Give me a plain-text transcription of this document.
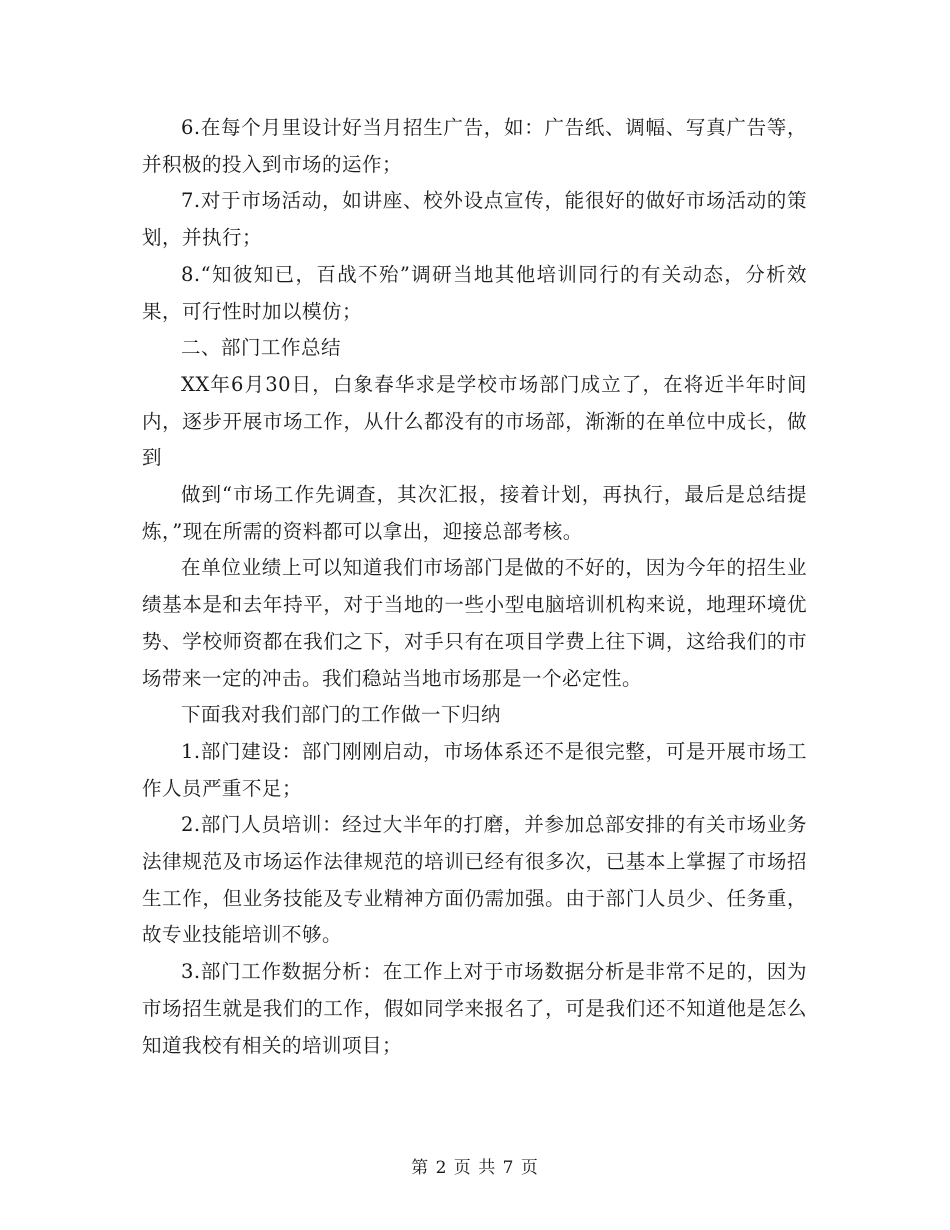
6.在每个月里设计好当月招生广告，如：广告纸、调幅、写真广告等，并积极的投入到市场的运作；

7.对于市场活动，如讲座、校外设点宣传，能很好的做好市场活动的策划，并执行；

8.“知彼知已，百战不殆”调研当地其他培训同行的有关动态，分析效果，可行性时加以模仿；

二、部门工作总结

XX年6月30日，白象春华求是学校市场部门成立了，在将近半年时间内，逐步开展市场工作，从什么都没有的市场部，渐渐的在单位中成长，做到

做到“市场工作先调查，其次汇报，接着计划，再执行，最后是总结提炼，”现在所需的资料都可以拿出，迎接总部考核。

在单位业绩上可以知道我们市场部门是做的不好的，因为今年的招生业绩基本是和去年持平，对于当地的一些小型电脑培训机构来说，地理环境优势、学校师资都在我们之下，对手只有在项目学费上往下调，这给我们的市场带来一定的冲击。我们稳站当地市场那是一个必定性。

下面我对我们部门的工作做一下归纳

1.部门建设：部门刚刚启动，市场体系还不是很完整，可是开展市场工作人员严重不足；

2.部门人员培训：经过大半年的打磨，并参加总部安排的有关市场业务法律规范及市场运作法律规范的培训已经有很多次，已基本上掌握了市场招生工作，但业务技能及专业精神方面仍需加强。由于部门人员少、任务重，故专业技能培训不够。

3.部门工作数据分析：在工作上对于市场数据分析是非常不足的，因为市场招生就是我们的工作，假如同学来报名了，可是我们还不知道他是怎么知道我校有相关的培训项目；

第 2 页 共 7 页
